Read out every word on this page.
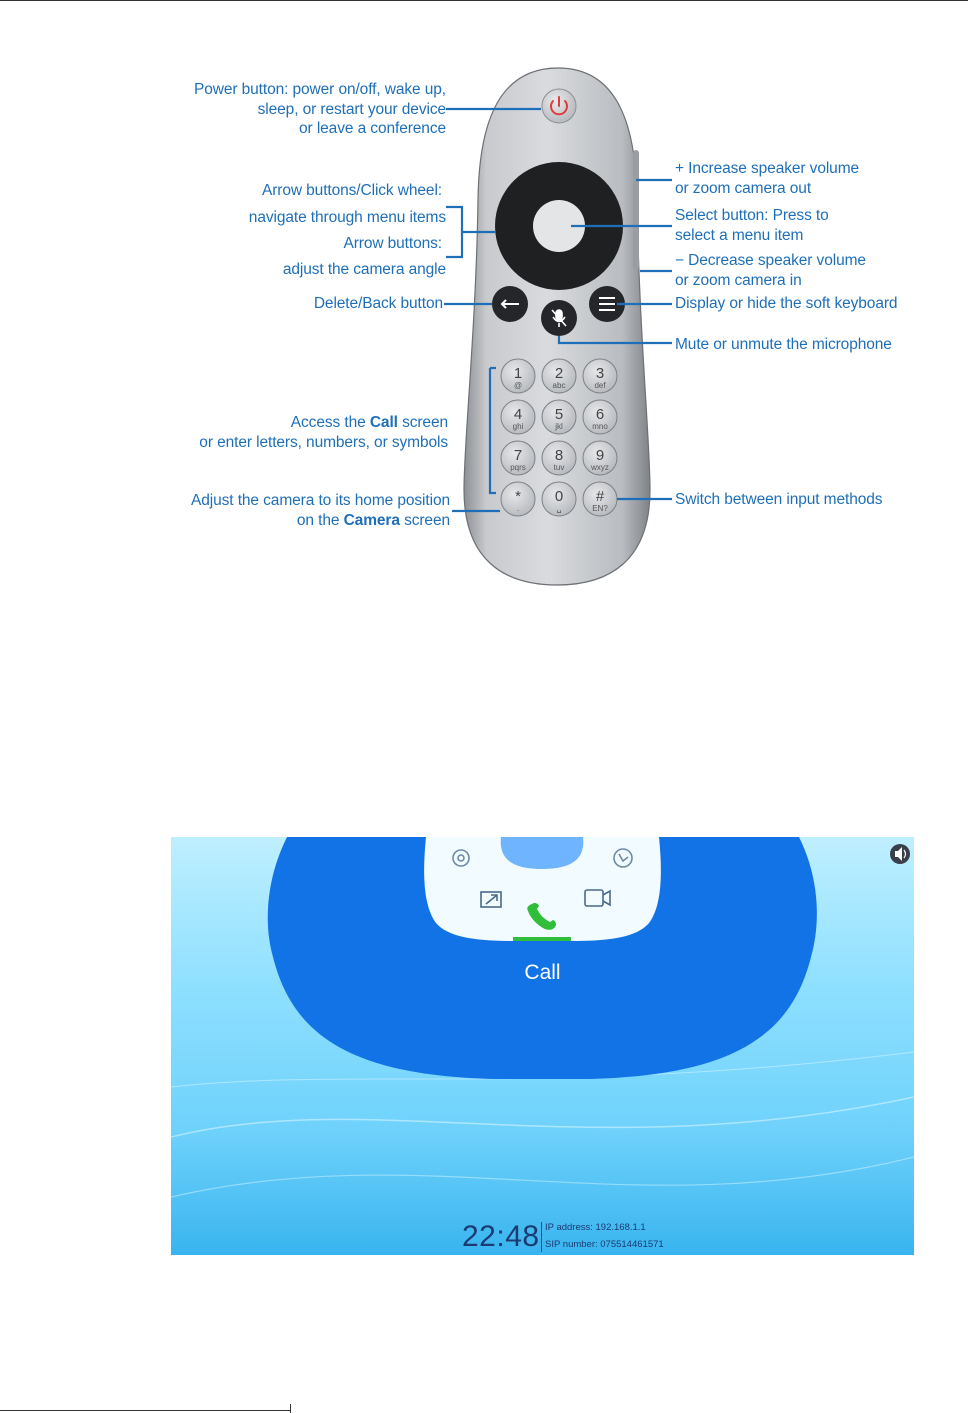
1
@
2
abc
3
def
4
ghi
5
jkl
6
mno
7
pqrs
8
tuv
9
wxyz
*
.
0
␣
#
EN?
Power button: power on/off, wake up,
sleep, or restart your device
or leave a conference
Arrow buttons/Click wheel:
navigate through menu items
Arrow buttons:
adjust the camera angle
Delete/Back button
Access the Call screen
or enter letters, numbers, or symbols
Adjust the camera to its home position
on the Camera screen
+ Increase speaker volume
or zoom camera out
Select button: Press to
select a menu item
− Decrease speaker volume
or zoom camera in
Display or hide the soft keyboard
Mute or unmute the microphone
Switch between input methods
Call
22:48 IP address: 192.168.1.1
SIP number: 075514461571
